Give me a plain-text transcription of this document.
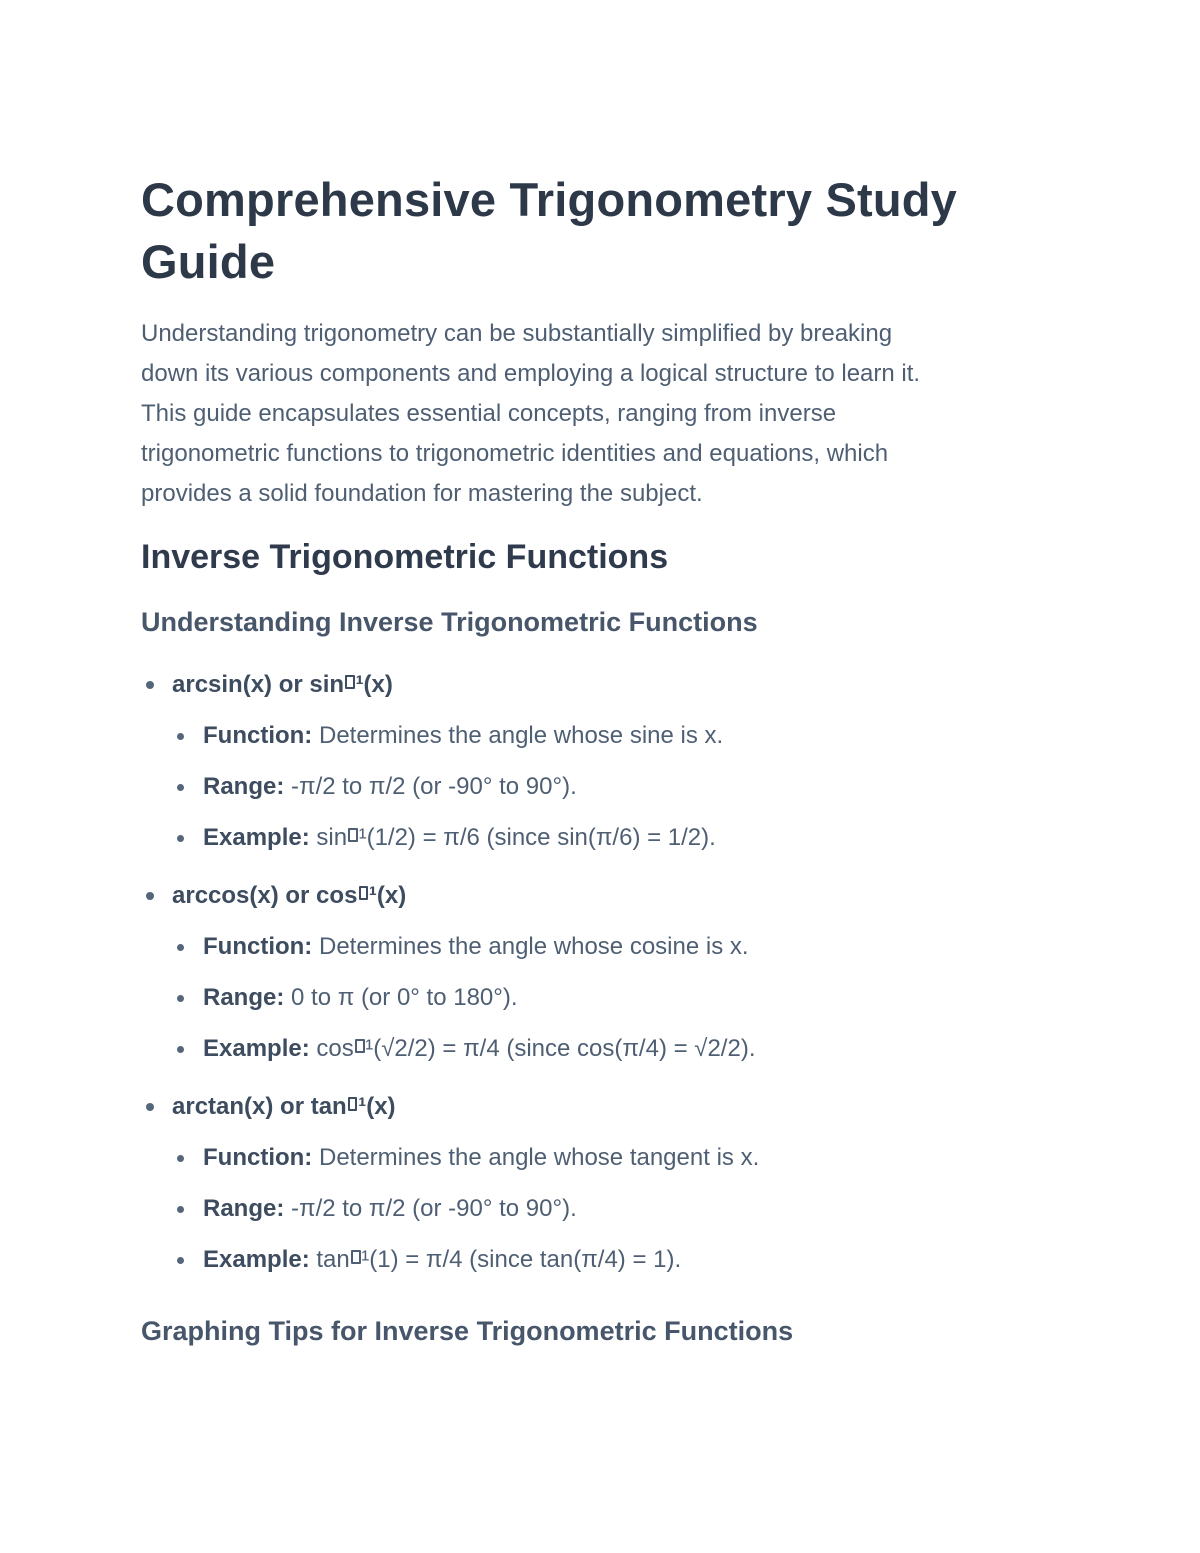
Comprehensive Trigonometry Study
Guide
Understanding trigonometry can be substantially simplified by breaking
down its various components and employing a logical structure to learn it.
This guide encapsulates essential concepts, ranging from inverse
trigonometric functions to trigonometric identities and equations, which
provides a solid foundation for mastering the subject.
Inverse Trigonometric Functions
Understanding Inverse Trigonometric Functions
arcsin(x) or sin ¹(x)
Function: Determines the angle whose sine is x.
Range: -π/2 to π/2 (or -90° to 90°).
Example: sin ¹(1/2) = π/6 (since sin(π/6) = 1/2).
arccos(x) or cos ¹(x)
Function: Determines the angle whose cosine is x.
Range: 0 to π (or 0° to 180°).
Example: cos ¹(√2/2) = π/4 (since cos(π/4) = √2/2).
arctan(x) or tan ¹(x)
Function: Determines the angle whose tangent is x.
Range: -π/2 to π/2 (or -90° to 90°).
Example: tan ¹(1) = π/4 (since tan(π/4) = 1).
Graphing Tips for Inverse Trigonometric Functions
